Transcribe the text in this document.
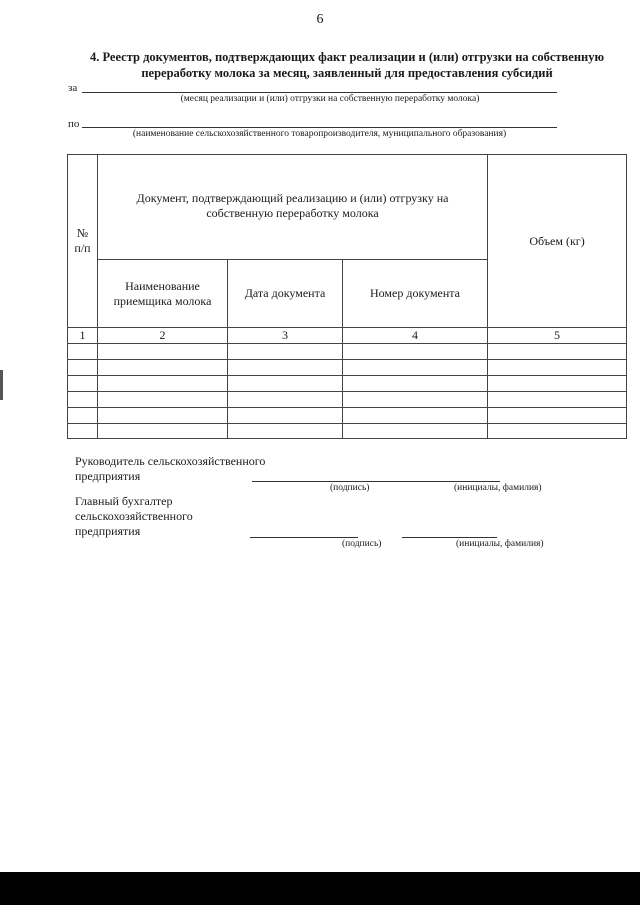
6
4. Реестр документов, подтверждающих факт реализации и (или) отгрузки на собственную
переработку молока за месяц, заявленный для предоставления субсидий
за
(месяц реализации и (или) отгрузки на собственную переработку молока)
по
(наименование сельскохозяйственного товаропроизводителя, муниципального образования)
№ п/п	Документ, подтверждающий реализацию и (или) отгрузку на собственную переработку молока			Объем (кг)
	Наименование приемщика молока	Дата документа	Номер документа	
1	2	3	4	5

Руководитель сельскохозяйственного
предприятия
(подпись)	(инициалы, фамилия)
Главный бухгалтер
сельскохозяйственного
предприятия
(подпись)	(инициалы, фамилия)
